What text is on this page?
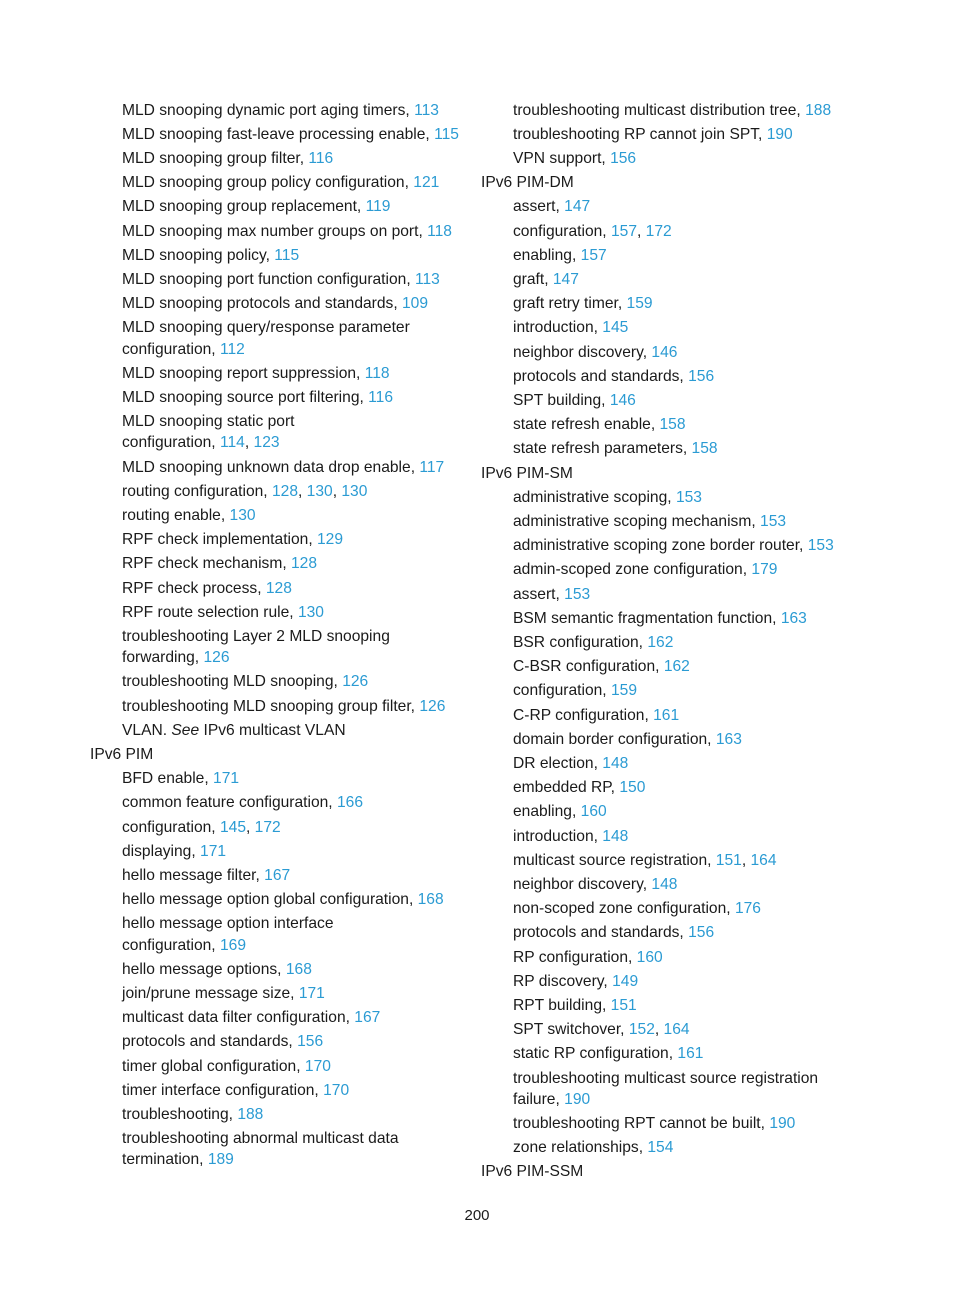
MLD snooping dynamic port aging timers, 113
MLD snooping fast-leave processing enable, 115
MLD snooping group filter, 116
MLD snooping group policy configuration, 121
MLD snooping group replacement, 119
MLD snooping max number groups on port, 118
MLD snooping policy, 115
MLD snooping port function configuration, 113
MLD snooping protocols and standards, 109
MLD snooping query/response parameter
configuration, 112
MLD snooping report suppression, 118
MLD snooping source port filtering, 116
MLD snooping static port
configuration, 114, 123
MLD snooping unknown data drop enable, 117
routing configuration, 128, 130, 130
routing enable, 130
RPF check implementation, 129
RPF check mechanism, 128
RPF check process, 128
RPF route selection rule, 130
troubleshooting Layer 2 MLD snooping
forwarding, 126
troubleshooting MLD snooping, 126
troubleshooting MLD snooping group filter, 126
VLAN. See IPv6 multicast VLAN
IPv6 PIM
BFD enable, 171
common feature configuration, 166
configuration, 145, 172
displaying, 171
hello message filter, 167
hello message option global configuration, 168
hello message option interface
configuration, 169
hello message options, 168
join/prune message size, 171
multicast data filter configuration, 167
protocols and standards, 156
timer global configuration, 170
timer interface configuration, 170
troubleshooting, 188
troubleshooting abnormal multicast data
termination, 189
troubleshooting multicast distribution tree, 188
troubleshooting RP cannot join SPT, 190
VPN support, 156
IPv6 PIM-DM
assert, 147
configuration, 157, 172
enabling, 157
graft, 147
graft retry timer, 159
introduction, 145
neighbor discovery, 146
protocols and standards, 156
SPT building, 146
state refresh enable, 158
state refresh parameters, 158
IPv6 PIM-SM
administrative scoping, 153
administrative scoping mechanism, 153
administrative scoping zone border router, 153
admin-scoped zone configuration, 179
assert, 153
BSM semantic fragmentation function, 163
BSR configuration, 162
C-BSR configuration, 162
configuration, 159
C-RP configuration, 161
domain border configuration, 163
DR election, 148
embedded RP, 150
enabling, 160
introduction, 148
multicast source registration, 151, 164
neighbor discovery, 148
non-scoped zone configuration, 176
protocols and standards, 156
RP configuration, 160
RP discovery, 149
RPT building, 151
SPT switchover, 152, 164
static RP configuration, 161
troubleshooting multicast source registration
failure, 190
troubleshooting RPT cannot be built, 190
zone relationships, 154
IPv6 PIM-SSM
200
